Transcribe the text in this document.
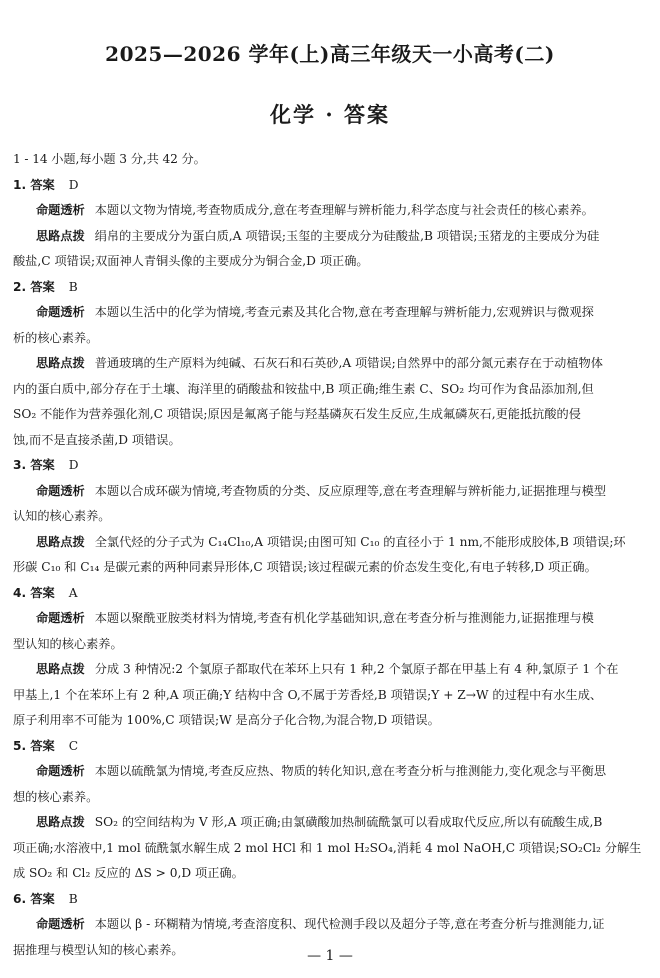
2025—2026 学年(上)高三年级天一小高考(二)
化学 · 答案
1 - 14 小题,每小题 3 分,共 42 分。
1. 答案 D
命题透析 本题以文物为情境,考查物质成分,意在考查理解与辨析能力,科学态度与社会责任的核心素养。
思路点拨 绢帛的主要成分为蛋白质,A 项错误;玉玺的主要成分为硅酸盐,B 项错误;玉猪龙的主要成分为硅
酸盐,C 项错误;双面神人青铜头像的主要成分为铜合金,D 项正确。
2. 答案 B
命题透析 本题以生活中的化学为情境,考查元素及其化合物,意在考查理解与辨析能力,宏观辨识与微观探
析的核心素养。
思路点拨 普通玻璃的生产原料为纯碱、石灰石和石英砂,A 项错误;自然界中的部分氮元素存在于动植物体
内的蛋白质中,部分存在于土壤、海洋里的硝酸盐和铵盐中,B 项正确;维生素 C、SO₂ 均可作为食品添加剂,但
SO₂ 不能作为营养强化剂,C 项错误;原因是氟离子能与羟基磷灰石发生反应,生成氟磷灰石,更能抵抗酸的侵
蚀,而不是直接杀菌,D 项错误。
3. 答案 D
命题透析 本题以合成环碳为情境,考查物质的分类、反应原理等,意在考查理解与辨析能力,证据推理与模型
认知的核心素养。
思路点拨 全氯代烃的分子式为 C₁₄Cl₁₀,A 项错误;由图可知 C₁₀ 的直径小于 1 nm,不能形成胶体,B 项错误;环
形碳 C₁₀ 和 C₁₄ 是碳元素的两种同素异形体,C 项错误;该过程碳元素的价态发生变化,有电子转移,D 项正确。
4. 答案 A
命题透析 本题以聚酰亚胺类材料为情境,考查有机化学基础知识,意在考查分析与推测能力,证据推理与模
型认知的核心素养。
思路点拨 分成 3 种情况:2 个氯原子都取代在苯环上只有 1 种,2 个氯原子都在甲基上有 4 种,氯原子 1 个在
甲基上,1 个在苯环上有 2 种,A 项正确;Y 结构中含 O,不属于芳香烃,B 项错误;Y + Z→W 的过程中有水生成、
原子利用率不可能为 100%,C 项错误;W 是高分子化合物,为混合物,D 项错误。
5. 答案 C
命题透析 本题以硫酰氯为情境,考查反应热、物质的转化知识,意在考查分析与推测能力,变化观念与平衡思
想的核心素养。
思路点拨 SO₂ 的空间结构为 V 形,A 项正确;由氯磺酸加热制硫酰氯可以看成取代反应,所以有硫酸生成,B
项正确;水溶液中,1 mol 硫酰氯水解生成 2 mol HCl 和 1 mol H₂SO₄,消耗 4 mol NaOH,C 项错误;SO₂Cl₂ 分解生
成 SO₂ 和 Cl₂ 反应的 ΔS > 0,D 项正确。
6. 答案 B
命题透析 本题以 β - 环糊精为情境,考查溶度积、现代检测手段以及超分子等,意在考查分析与推测能力,证
据推理与模型认知的核心素养。	— 1 —
